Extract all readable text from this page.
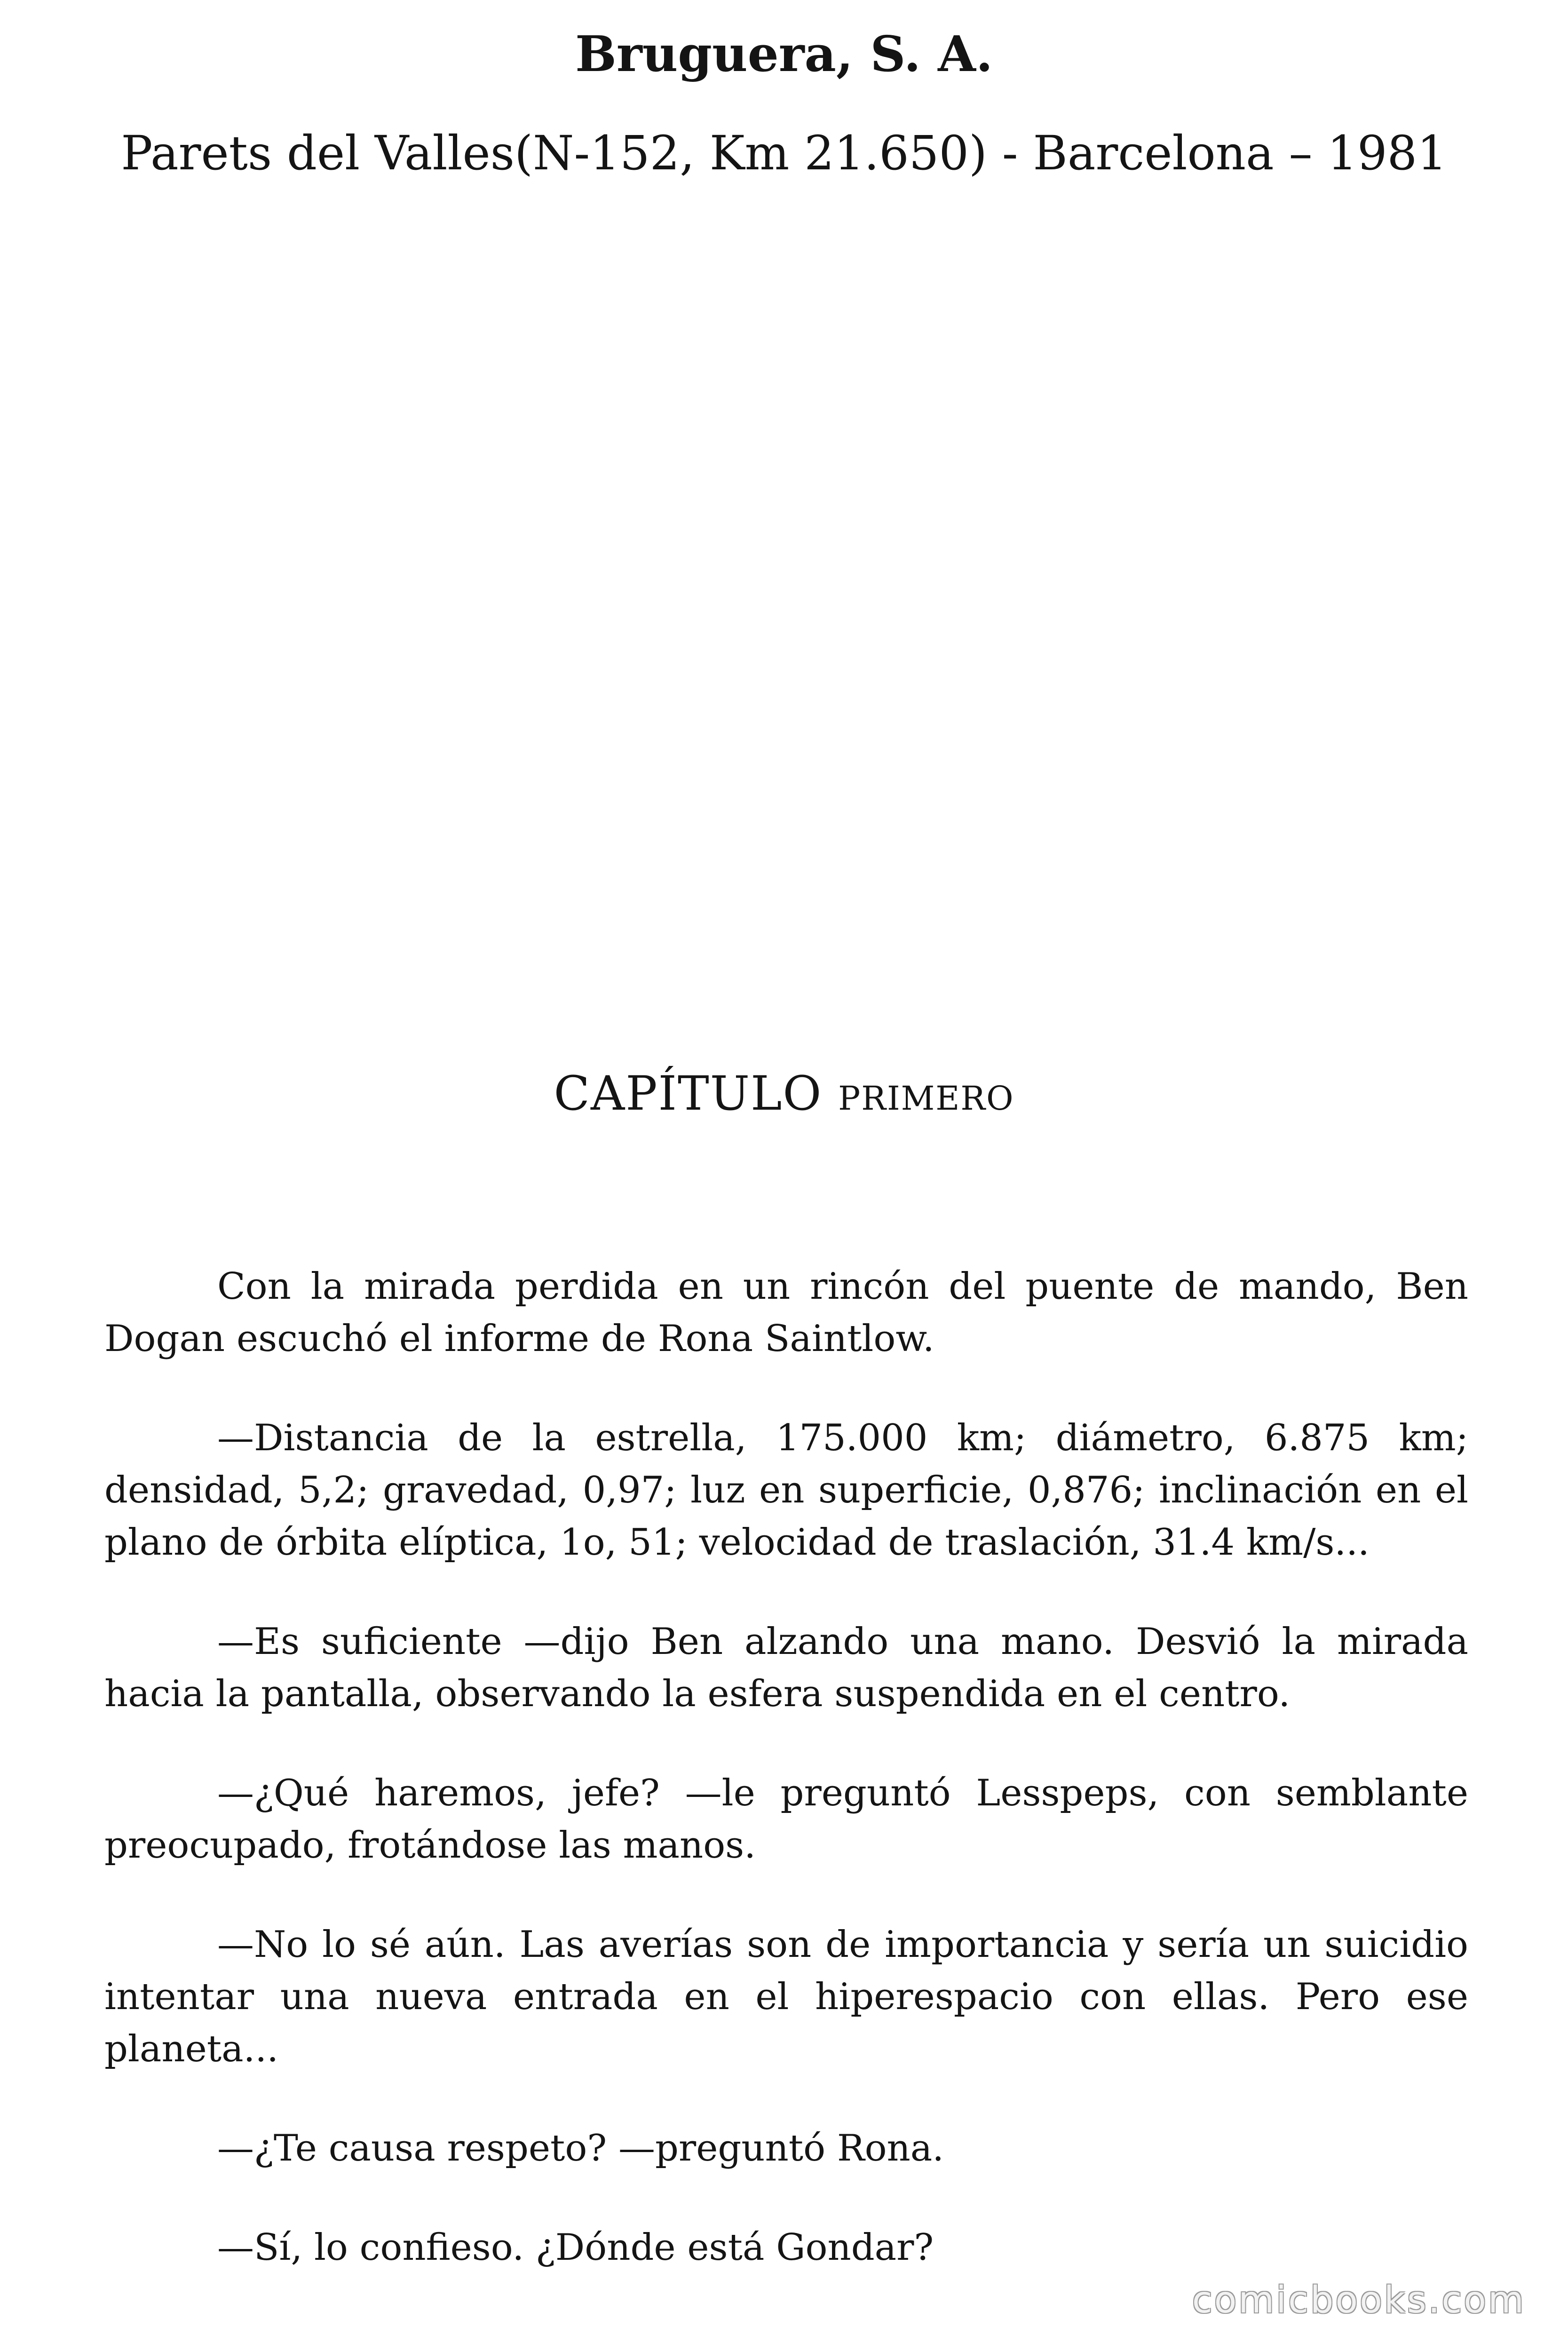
Bruguera, S. A.
Parets del Valles(N-152, Km 21.650) - Barcelona – 1981
CAPÍTULO primero

Con la mirada perdida en un rincón del puente de mando, Ben Dogan escuchó el informe de Rona Saintlow.

—Distancia de la estrella, 175.000 km; diámetro, 6.875 km; densidad, 5,2; gravedad, 0,97; luz en superficie, 0,876; inclinación en el plano de órbita elíptica, 1o, 51; velocidad de traslación, 31.4 km/s...

—Es suficiente —dijo Ben alzando una mano. Desvió la mirada hacia la pantalla, observando la esfera suspendida en el centro.

—¿Qué haremos, jefe? —le preguntó Lesspeps, con semblante preocupado, frotándose las manos.

—No lo sé aún. Las averías son de importancia y sería un suicidio intentar una nueva entrada en el hiperespacio con ellas. Pero ese planeta...

—¿Te causa respeto? —preguntó Rona.

—Sí, lo confieso. ¿Dónde está Gondar?

comicbooks.com
